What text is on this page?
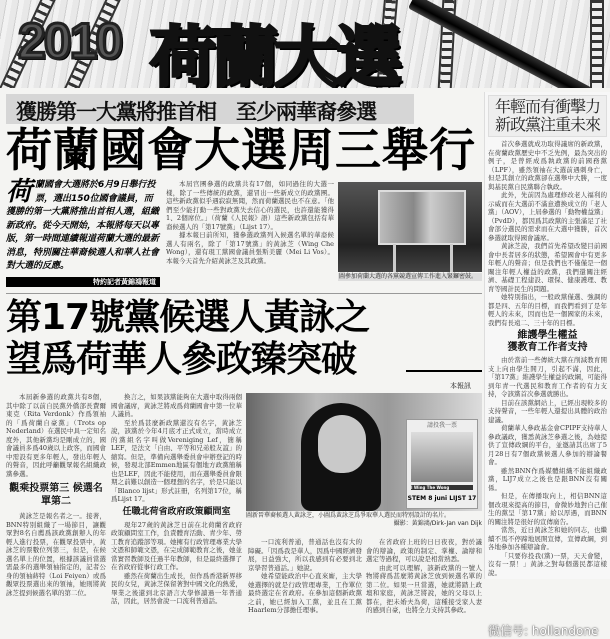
2010 荷蘭大選
獲勝第一大黨將推首相　至少兩華裔參選
荷蘭國會大選周三舉行
荷 蘭國會大選將於6月9日舉行投票，選出150位國會議員，而獲勝的第一大黨將推出首相人選，組織新政府。從今天開始，本報將每天以專版，第一時間連續報道荷蘭大選的最新消息，特別關注華裔候選人和華人社會對大選的反應。
特約記者黃錦鴻報道

本屆官團參選的政黨共有17個，如同過往的大選一樣，除了一些傳統的政黨，還冒出一些新成立的政黨團。這些新政黨似乎遇寂寂無聞，然而荷蘭選民也不在意。「他們至少能打動一些對政黨失去信心的選民，也許還能獲得1、2個席位。」（荷蘭《人民報》語）這些新政黨包括有華裔候選人的「第17號黨」（Lijst 17）。

據本報日前所知，獲參選政黨列入候選名單的華裔候選人有兩名，除了「第17號黨」的黃詠芝（Wing Che Wong），還有現工黨國會議員張斯美麗（Mei Li Vos）。本報今天首先介紹黃詠芝及其政黨。

圖參加荷蘭大選的各黨競選宣傳工作進入緊鑼密鼓。
第17號黨候選人黃詠之
望爲荷華人參政臻突破
本報訊

本屆新參選的政黨共有8個，其中除了以前自民黨外僑部長費爾東克（Rita Verdonk）作爲領袖的「爲荷蘭自豪黨」（Trots op Nederland）在選民中具一定知名度外，其他新黨均是剛成立的，國會議員多爲40歲以上政客，而國會中需設有更多年輕人，發出年輕人的聲音，因此呼籲觀眾報名組織政黨參選。

觀乘投票第三 候選名單第二

黃詠芝是報名者之一。接著，BNN特別組織了一場節目，讓觀眾對8名自薦爲該政黨創辦人的年輕人進行投票，在觀眾投票中，黃詠芝的票數位列第三，但是，在候選名單上的位置，根據該議員當選需最多的選舉領袖指定的，記者公身的領袖蒔特（Loi Feiyen）或爲觀眾投票選出來的領袖，她則將黃詠芝提到候選名單的第二位。

換言之，如果該黨能夠在大選中取得兩個國會議席，黃詠芝將成爲荷蘭國會中第一位華人議員。

至於爲甚麼新政黨還沒有名字，黃詠芝說，該黨於今年4月底才正式成立，當時成立的黨組名字叫做Vereniging Lef，簡稱LEF，是法文「自由、平等和兄弟般友誼」的縮寫。但是，準備向選舉委員會申辦登記的時候，發現北部Emmen地區有個地方政黨簡稱也是LEF，因此不能使用，而在選舉委員會限期之前難以創造一個理想的名字，於是只能以「Blanco lijst」形式註冊，名列第17位，稱爲Lijst 17。

任職北荷省政府政策顧問室

現年27歲的黃詠芝日前在北荷蘭省政府政策顧問室工作，負責體育活動、青少年、勞工教育追蹤部等項。她擁有行政管理專業大學文憑和師範文憑，在完成師範教育之後，她並當實習教師及任過半年教師，但是最終選擇了在省政府從事行政工作。

雖然在荷蘭出生成長，但作爲香港新界移民的女兒，黃詠芝保留著對中國文化的熱愛，畢業之後還到北京語言大學修讀過一年普通話，因此，居然會說一口流利普通話。

請投我一票
I Wing The Wong
STEM 8 juni LIJST 17
圖新晉華裔候選人黃詠芝，小圖爲黃詠芝爲爭取華人選民而特別設計的名片。
攝影：黃錦鴻/Dirk-Jan van Dijk

一口流利普通，普通話也沒有大的障礙。「因爲我是華人，因爲中國經濟發展，日益強大，所以我感到有必要到北京學習普通話。」她說。

她希望能政治中心直來廝，主大學她選擇的就是行政管理專業，工作單位最終選定在省政府。在參加這個新政黨之前，她已經加入工黨，並且在工黨Haarlem分部擔任理事。

在省政府上班的日日夜夜，對於議會的辯論，政策的制定、掌權、論辯和選定等過程，可以說是相當熟悉。

由此可以理解，該新政黨的一號人物將蔣爲甚麼將黃詠芝放到候選名單的第二位。如果一旦當選，她就將踏上政壇和家庭，黃詠芝將說，她的父母以上都在，把未婚夫為荷，這種接受家人妻的感到自豪，也將全力支持其參政。

年輕而有衝擊力
新政黨注重未來

首次參選就成功取得議席的新政黨，在荷蘭政黨歷史中不乏先例，最為突出的例子，是曾經成爲執政黨的前國務黨（LPF），雖然領袖在大選前遇刺身亡，但是其創立的政黨卻在選舉中大勝，一度與基民黨自民黨聯合執政。

此外，先前因為處理修改老人福利的示威而在大選前不滿意遭換成立的「老人黨」（AOV），上屆參選的「動物權益黨」（PvdD），都因爲其政黨的主張滿足了社會部分選民的需求而在大選中獲勝，首次參選就取得國會議席。

黃詠芝說，我們首先希望改變目前國會中長者居多的狀態，希望國會中有更多年輕人的聲音；但是我們也不僅僅是一個關注年輕人權益的政黨，我們還關注經濟、基礎工程建設、環保、健康護理、教育等國計民生的問題。

她特別指出，一般政黨僅選、強調的都是四、五年的目標，而我們看到了是年輕人的未來，因而也是一個國家的未來，我們有長遠二、三十年的目標。

維護學生權益
獲教育工作者支持

由於當前一些傳統大黨在削減教育開支上向由學生開刀，引起不滿，因此，「第17黨」維護學生權益的政綱，可能得到年青一代選民和教育工作者的有力支持，令該黨首次參選就勝出。

目前在該黨網站上，已經出現較多的支持聲音，一些年輕人還提出具體的政治建議。

荷蘭華人參政基金會CPIPF支持華人參政議政，獲悉黃詠芝參選之後，為她提供了宣傳政綱的平台，並邀請其出席了5月28日有7個政黨候選人參加的辯論餐會。

雖然BNN作爲媒體組織不能組織政黨，LIJ7成立之後也是跟BNN沒有關係。

但是，在傳播取向上，相信BNN這個改現來提高的節目，會微妙地對自己催生的黨呈「第17黨」給以厚遇，而BNN的關注將是很好的宣傳廣告。

當然，近日黃詠芝和她的同志，也繼續不馬不停蹄地展開宣傳，宣傳政綱，到各地參加各種辯論會。

「只要你投我(黨)一票，天天會變，沒有一票！」黃詠之對每個選民都這樣說。

微信号: hollandone
